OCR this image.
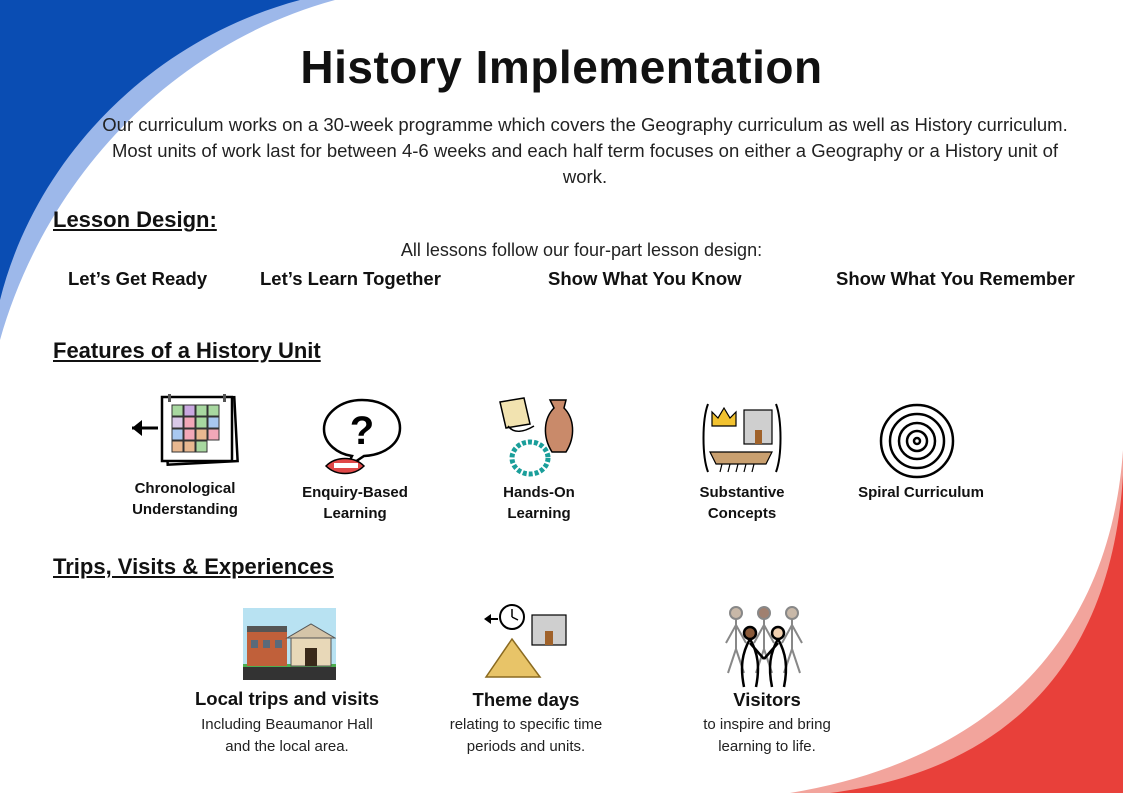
History Implementation
Our curriculum works on a 30-week programme which covers the Geography curriculum as well as History curriculum. Most units of work last for between 4-6 weeks and each half term focuses on either a Geography or a History unit of work.
Lesson Design:
All lessons follow our four-part lesson design:
Let’s Get Ready	Let’s Learn Together	Show What You Know	Show What You Remember
Features of a History Unit
Chronological
Understanding
?
Enquiry-Based
Learning
Hands-On
Learning
Substantive
Concepts
Spiral Curriculum
Trips, Visits & Experiences
Local trips and visits
Including Beaumanor Hall
and the local area.
Theme days
relating to specific time
periods and units.
Visitors
to inspire and bring
learning to life.
